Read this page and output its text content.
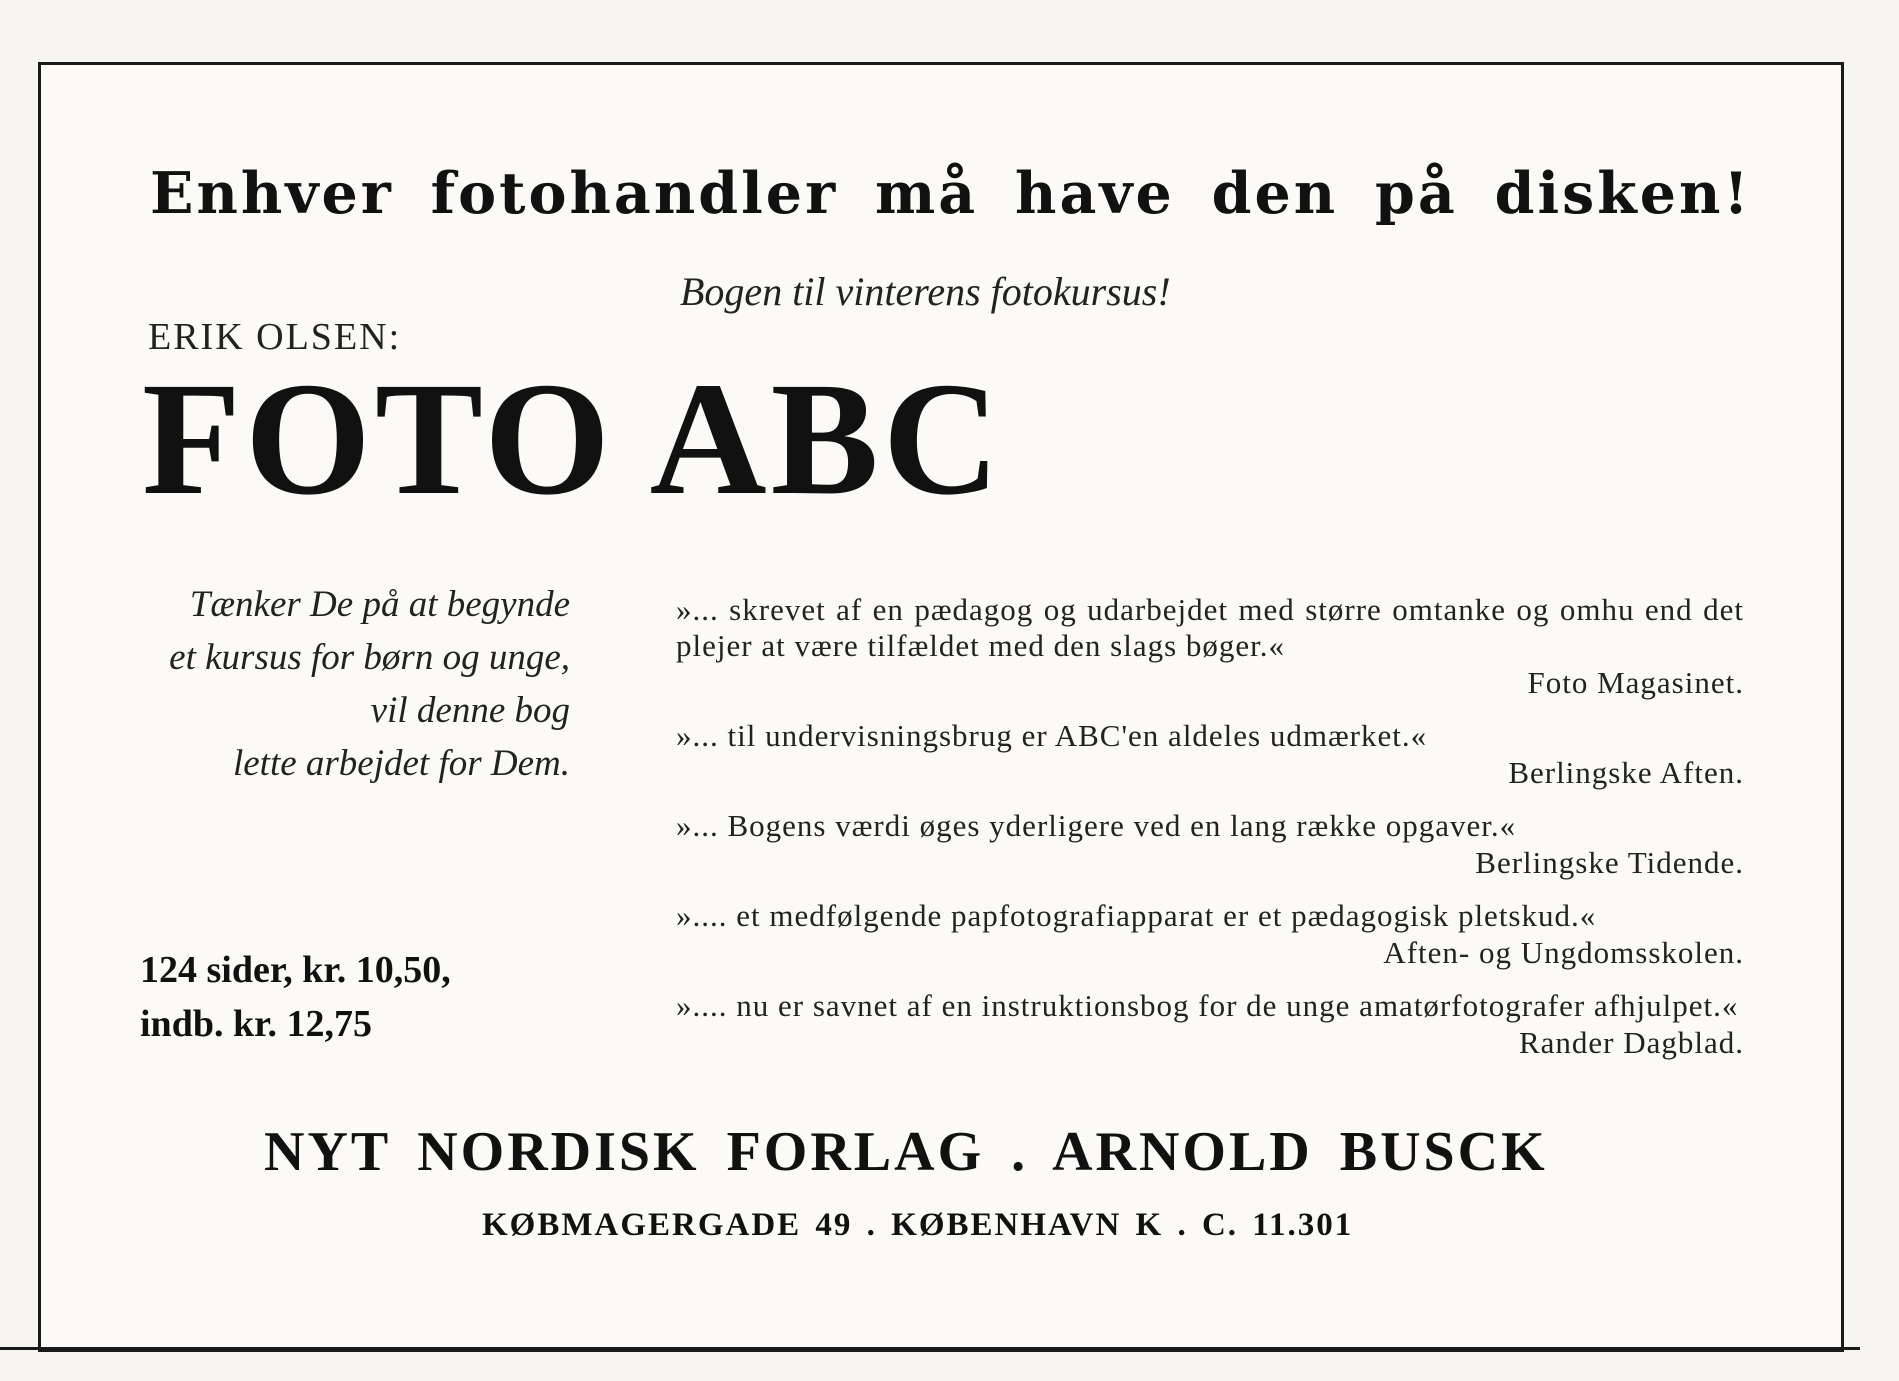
Enhver fotohandler må have den på disken!
Bogen til vinterens fotokursus!
ERIK OLSEN:
FOTO ABC
Tænker De på at begynde
et kursus for børn og unge,
vil denne bog
lette arbejdet for Dem.
»... skrevet af en pædagog og udarbejdet med større omtanke og omhu end det plejer at være tilfældet med den slags bøger.«
Foto Magasinet.
»... til undervisningsbrug er ABC'en aldeles udmærket.«
Berlingske Aften.
»... Bogens værdi øges yderligere ved en lang række opgaver.«
Berlingske Tidende.
».... et medfølgende papfotografiapparat er et pædagogisk pletskud.«
Aften- og Ungdomsskolen.
».... nu er savnet af en instruktionsbog for de unge amatørfotografer afhjulpet.«
Rander Dagblad.
124 sider, kr. 10,50,
indb. kr. 12,75
NYT NORDISK FORLAG . ARNOLD BUSCK
KØBMAGERGADE 49 . KØBENHAVN K . C. 11.301
